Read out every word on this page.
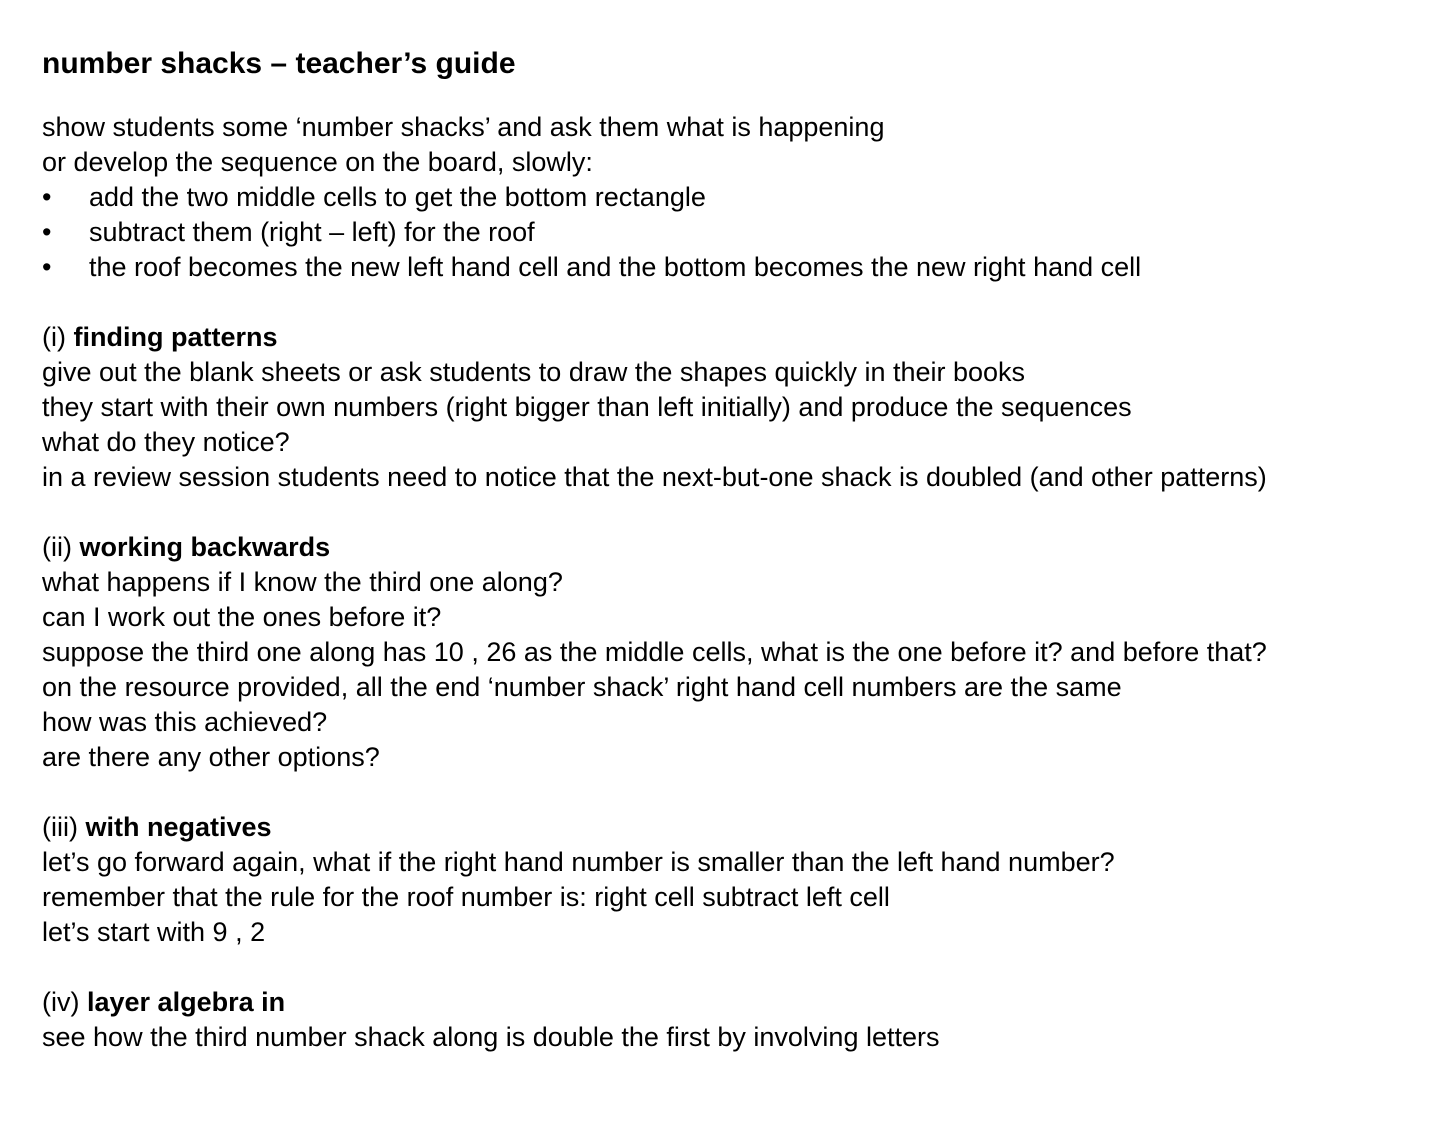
number shacks – teacher’s guide
show students some ‘number shacks’ and ask them what is happening
or develop the sequence on the board, slowly:
•	add the two middle cells to get the bottom rectangle
•	subtract them (right – left) for the roof
•	the roof becomes the new left hand cell and the bottom becomes the new right hand cell
(i) finding patterns
give out the blank sheets or ask students to draw the shapes quickly in their books
they start with their own numbers (right bigger than left initially) and produce the sequences
what do they notice?
in a review session students need to notice that the next-but-one shack is doubled (and other patterns)
(ii) working backwards
what happens if I know the third one along?
can I work out the ones before it?
suppose the third one along has 10 , 26 as the middle cells, what is the one before it? and before that?
on the resource provided, all the end ‘number shack’ right hand cell numbers are the same
how was this achieved?
are there any other options?
(iii) with negatives
let’s go forward again, what if the right hand number is smaller than the left hand number?
remember that the rule for the roof number is: right cell subtract left cell
let’s start with 9 , 2
(iv) layer algebra in
see how the third number shack along is double the first by involving letters
